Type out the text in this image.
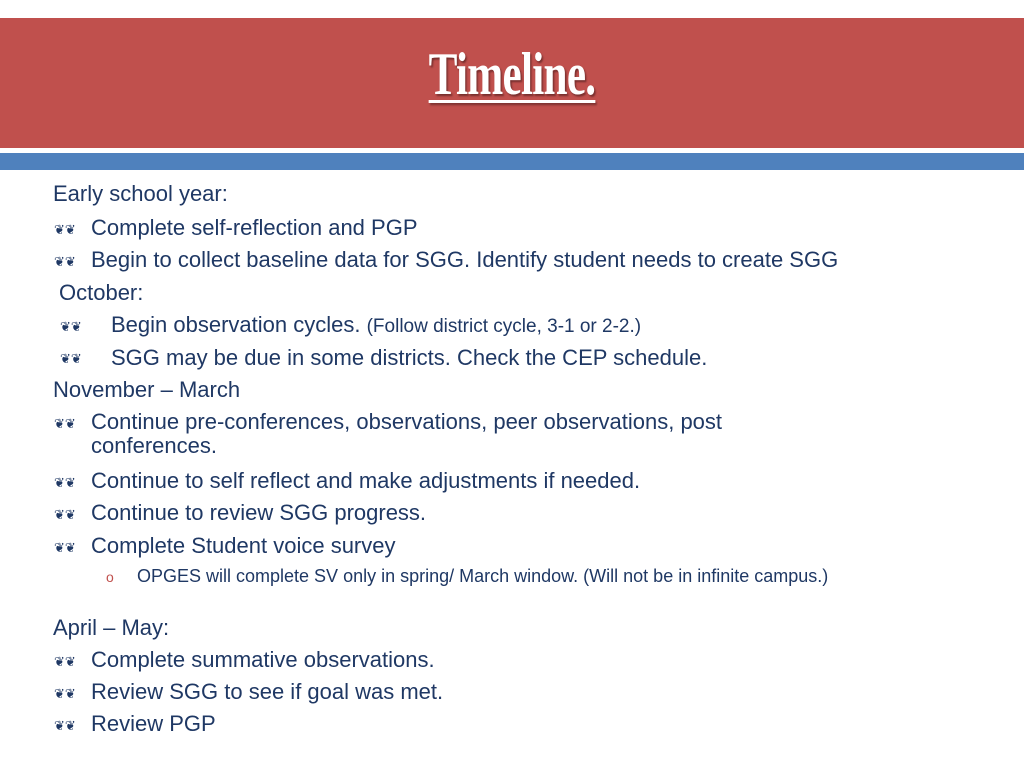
Timeline.
Early school year:
❦❦ Complete self-reflection and PGP
❦❦ Begin to collect baseline data for SGG. Identify student needs to create SGG
October:
❦❦ Begin observation cycles. (Follow district cycle, 3-1 or 2-2.)
❦❦ SGG may be due in some districts. Check the CEP schedule.
November – March
❦❦ Continue pre-conferences, observations, peer observations, post conferences.
❦❦ Continue to self reflect and make adjustments if needed.
❦❦ Continue to review SGG progress.
❦❦ Complete Student voice survey
o OPGES will complete SV only in spring/ March window. (Will not be in infinite campus.)
April – May:
❦❦ Complete summative observations.
❦❦ Review SGG to see if goal was met.
❦❦ Review PGP
